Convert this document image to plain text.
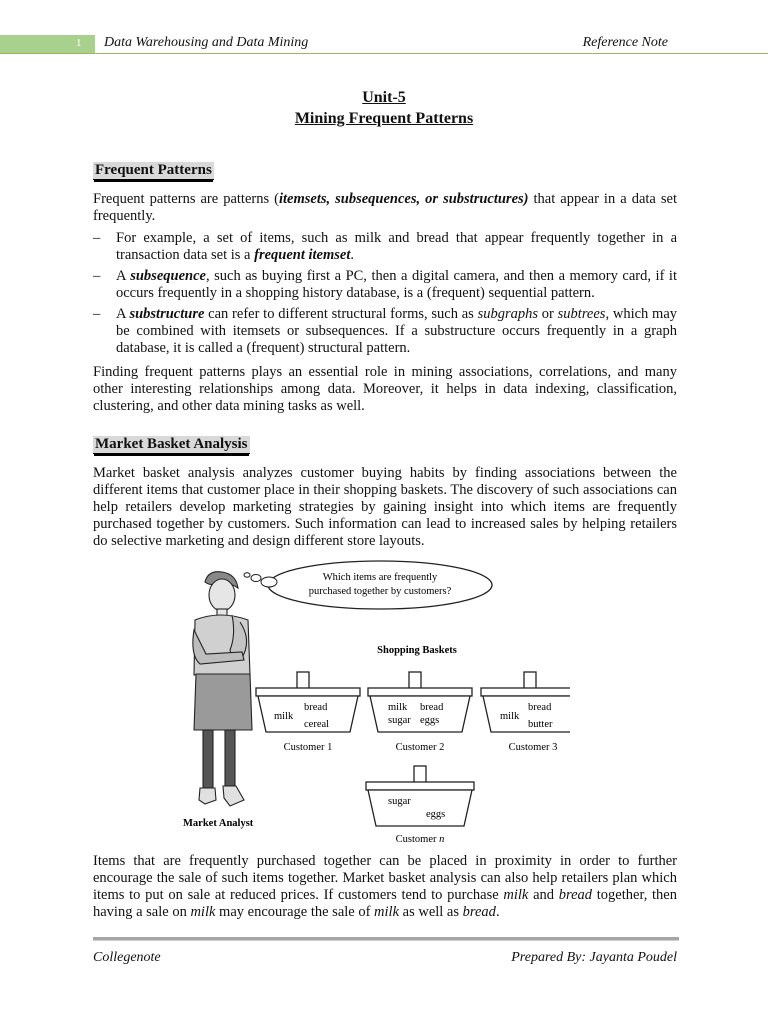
1 Data Warehousing and Data Mining	Reference Note
Unit-5
Mining Frequent Patterns
Frequent Patterns
Frequent patterns are patterns (itemsets, subsequences, or substructures) that appear in a data set frequently.
– For example, a set of items, such as milk and bread that appear frequently together in a transaction data set is a frequent itemset.
– A subsequence, such as buying first a PC, then a digital camera, and then a memory card, if it occurs frequently in a shopping history database, is a (frequent) sequential pattern.
– A substructure can refer to different structural forms, such as subgraphs or subtrees, which may be combined with itemsets or subsequences. If a substructure occurs frequently in a graph database, it is called a (frequent) structural pattern.
Finding frequent patterns plays an essential role in mining associations, correlations, and many other interesting relationships among data. Moreover, it helps in data indexing, classification, clustering, and other data mining tasks as well.
Market Basket Analysis
Market basket analysis analyzes customer buying habits by finding associations between the different items that customer place in their shopping baskets. The discovery of such associations can help retailers develop marketing strategies by gaining insight into which items are frequently purchased together by customers. Such information can lead to increased sales by helping retailers do selective marketing and design different store layouts.
Which items are frequently
purchased together by customers?
Market Analyst
Shopping Baskets
bread
milk
cereal
Customer 1
milk bread
sugar eggs
Customer 2
bread
milk
butter
Customer 3
sugar
eggs
Customer n
Items that are frequently purchased together can be placed in proximity in order to further encourage the sale of such items together. Market basket analysis can also help retailers plan which items to put on sale at reduced prices. If customers tend to purchase milk and bread together, then having a sale on milk may encourage the sale of milk as well as bread.
Collegenote	Prepared By: Jayanta Poudel
